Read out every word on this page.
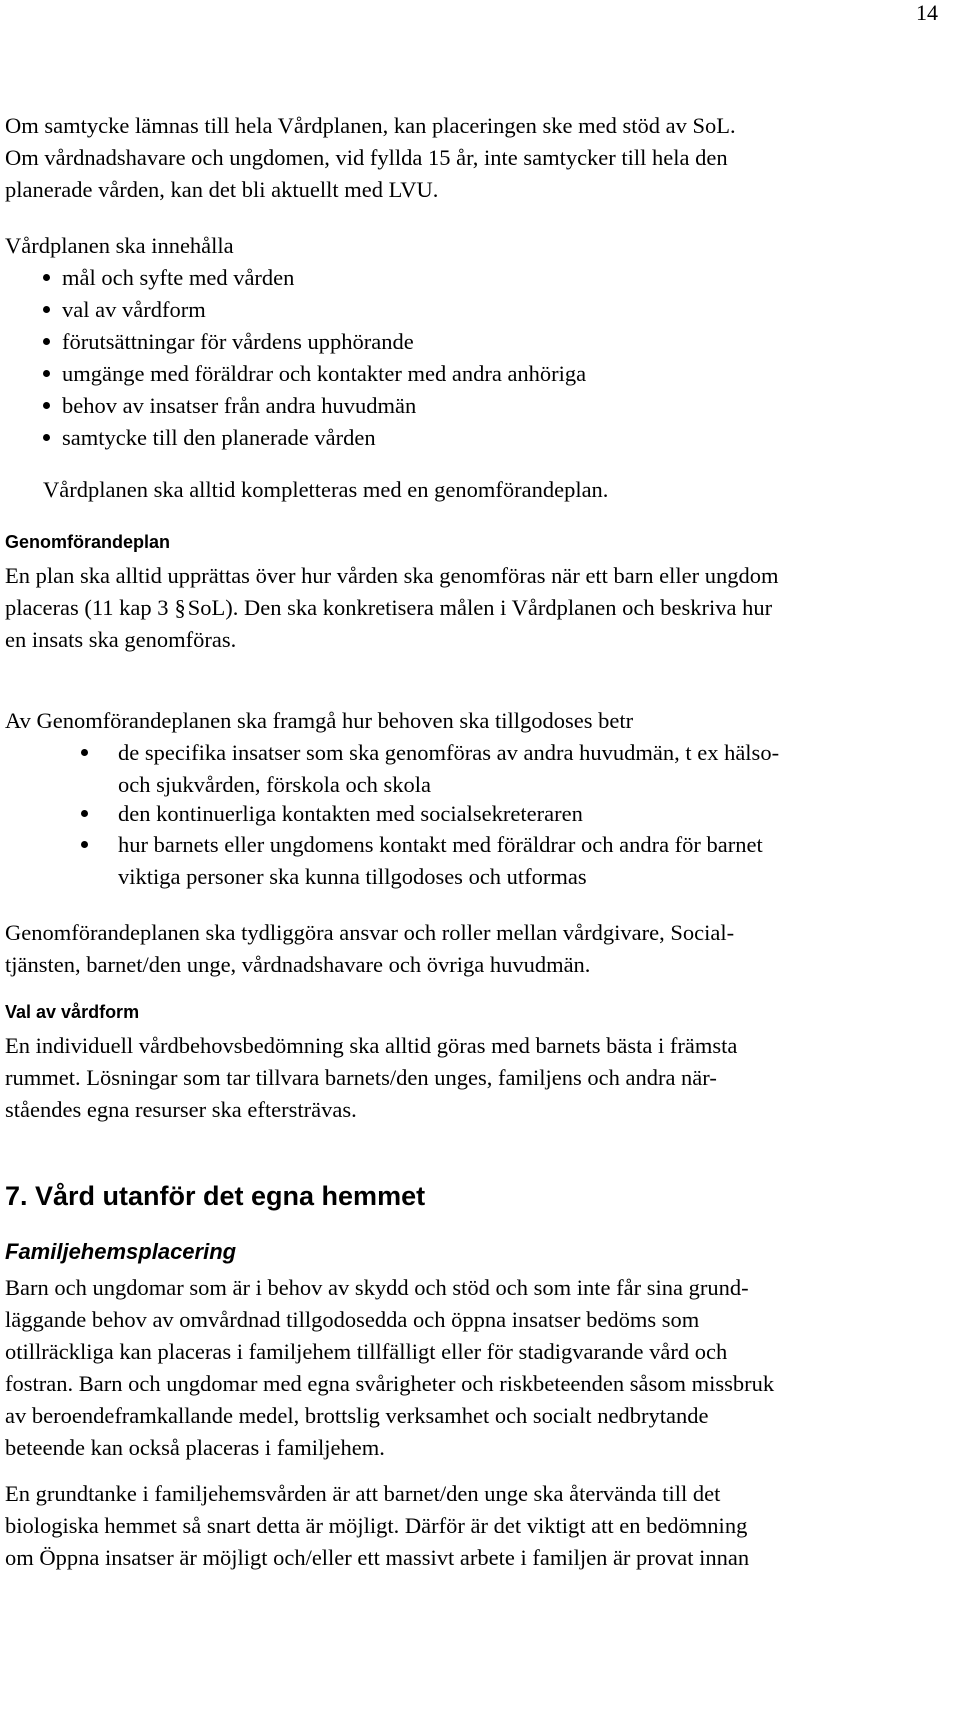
14
Om samtycke lämnas till hela Vårdplanen, kan placeringen ske med stöd av SoL.
Om vårdnadshavare och ungdomen, vid fyllda 15 år, inte samtycker till hela den
planerade vården, kan det bli aktuellt med LVU.
Vårdplanen ska innehålla
mål och syfte med vården
val av vårdform
förutsättningar för vårdens upphörande
umgänge med föräldrar och kontakter med andra anhöriga
behov av insatser från andra huvudmän
samtycke till den planerade vården
Vårdplanen ska alltid kompletteras med en genomförandeplan.
Genomförandeplan
En plan ska alltid upprättas över hur vården ska genomföras när ett barn eller ungdom
placeras (11 kap 3 §SoL). Den ska konkretisera målen i Vårdplanen och beskriva hur
en insats ska genomföras.
Av Genomförandeplanen ska framgå hur behoven ska tillgodoses betr
de specifika insatser som ska genomföras av andra huvudmän, t ex hälso-
och sjukvården, förskola och skola
den kontinuerliga kontakten med socialsekreteraren
hur barnets eller ungdomens kontakt med föräldrar och andra för barnet
viktiga personer ska kunna tillgodoses och utformas
Genomförandeplanen ska tydliggöra ansvar och roller mellan vårdgivare, Social-
tjänsten, barnet/den unge, vårdnadshavare och övriga huvudmän.
Val av vårdform
En individuell vårdbehovsbedömning ska alltid göras med barnets bästa i främsta
rummet. Lösningar som tar tillvara barnets/den unges, familjens och andra när-
ståendes egna resurser ska eftersträvas.
7. Vård utanför det egna hemmet
Familjehemsplacering
Barn och ungdomar som är i behov av skydd och stöd och som inte får sina grund-
läggande behov av omvårdnad tillgodosedda och öppna insatser bedöms som
otillräckliga kan placeras i familjehem tillfälligt eller för stadigvarande vård och
fostran. Barn och ungdomar med egna svårigheter och riskbeteenden såsom missbruk
av beroendeframkallande medel, brottslig verksamhet och socialt nedbrytande
beteende kan också placeras i familjehem.
En grundtanke i familjehemsvården är att barnet/den unge ska återvända till det
biologiska hemmet så snart detta är möjligt. Därför är det viktigt att en bedömning
om Öppna insatser är möjligt och/eller ett massivt arbete i familjen är provat innan
